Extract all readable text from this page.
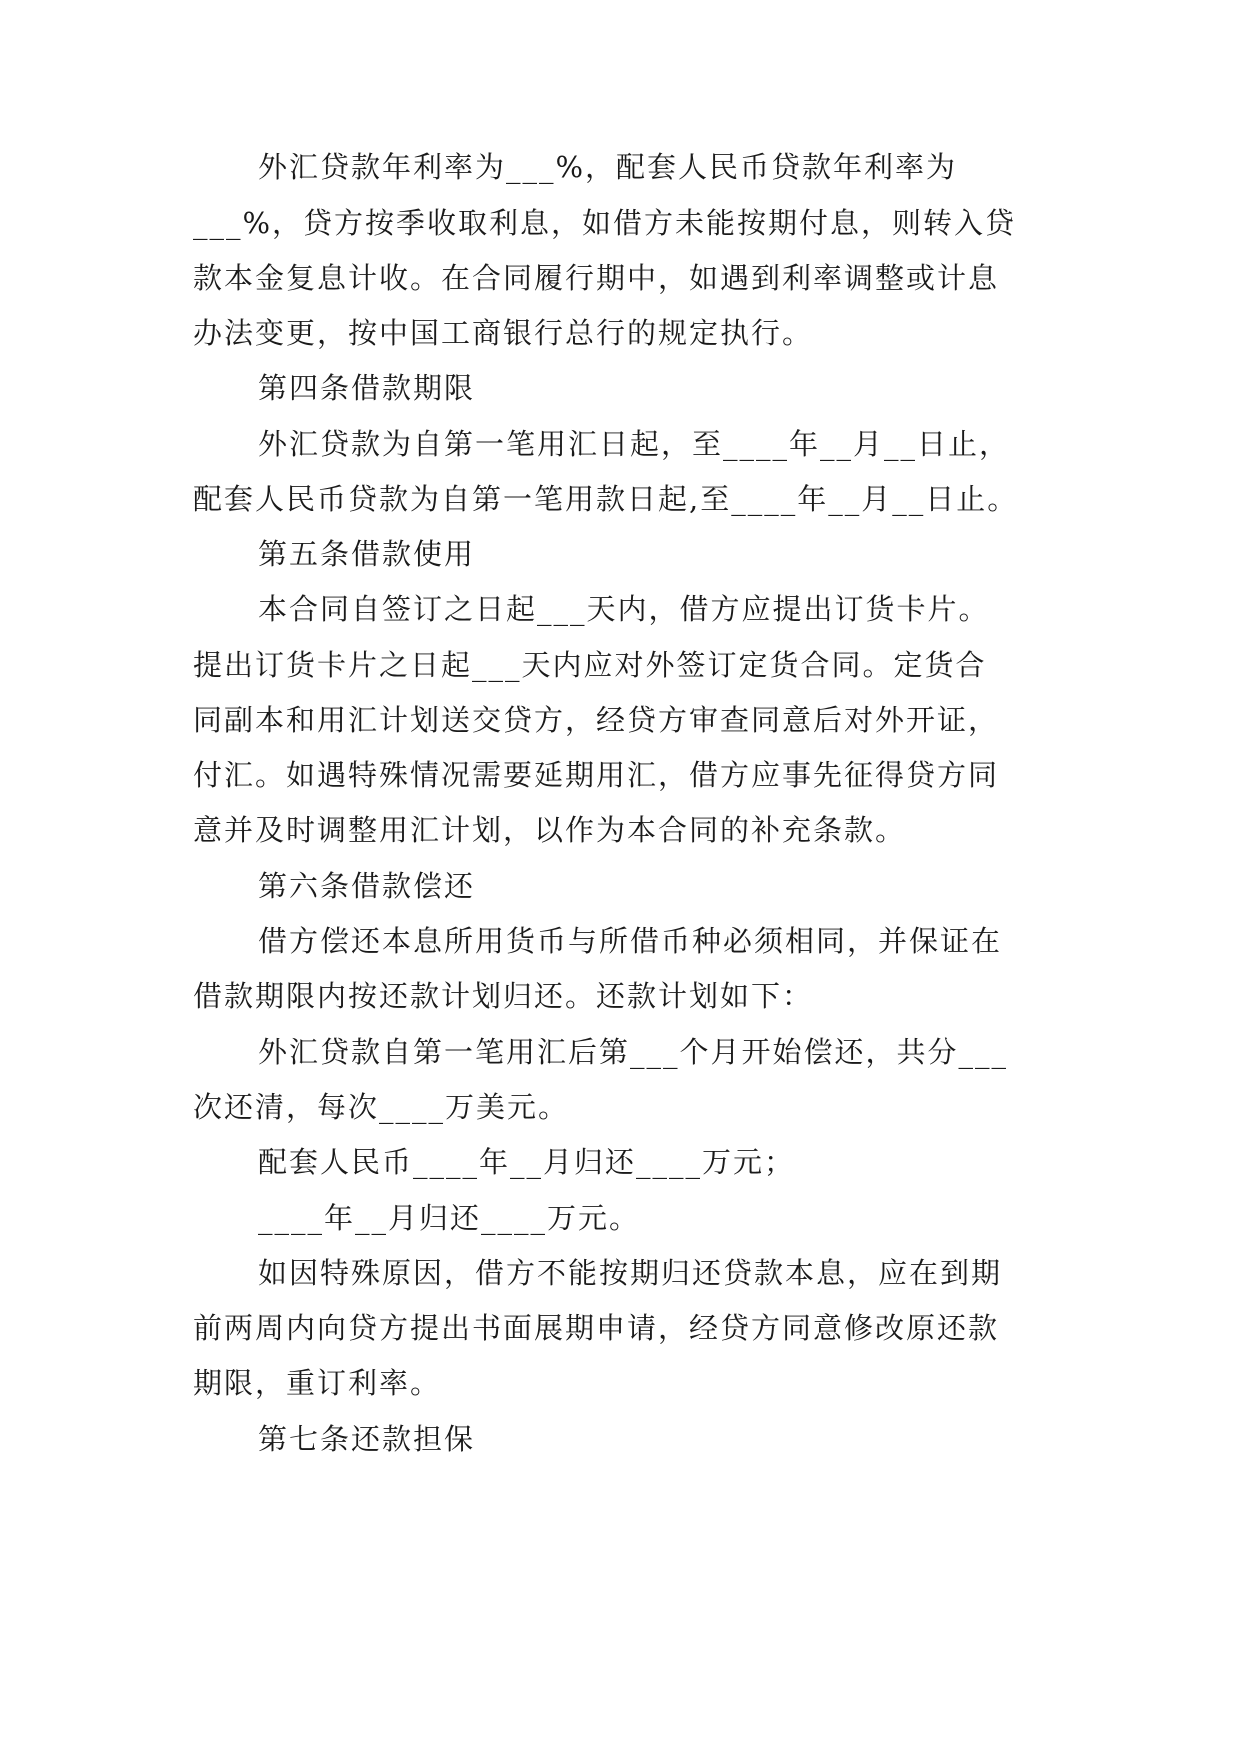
外汇贷款年利率为___%，配套人民币贷款年利率为
___%，贷方按季收取利息，如借方未能按期付息，则转入贷
款本金复息计收。在合同履行期中，如遇到利率调整或计息
办法变更，按中国工商银行总行的规定执行。
第四条借款期限
外汇贷款为自第一笔用汇日起，至____年__月__日止，
配套人民币贷款为自第一笔用款日起,至____年__月__日止。
第五条借款使用
本合同自签订之日起___天内，借方应提出订货卡片。
提出订货卡片之日起___天内应对外签订定货合同。定货合
同副本和用汇计划送交贷方，经贷方审查同意后对外开证，
付汇。如遇特殊情况需要延期用汇，借方应事先征得贷方同
意并及时调整用汇计划，以作为本合同的补充条款。
第六条借款偿还
借方偿还本息所用货币与所借币种必须相同，并保证在
借款期限内按还款计划归还。还款计划如下：
外汇贷款自第一笔用汇后第___个月开始偿还，共分___
次还清，每次____万美元。
配套人民币____年__月归还____万元；
____年__月归还____万元。
如因特殊原因，借方不能按期归还贷款本息，应在到期
前两周内向贷方提出书面展期申请，经贷方同意修改原还款
期限，重订利率。
第七条还款担保
